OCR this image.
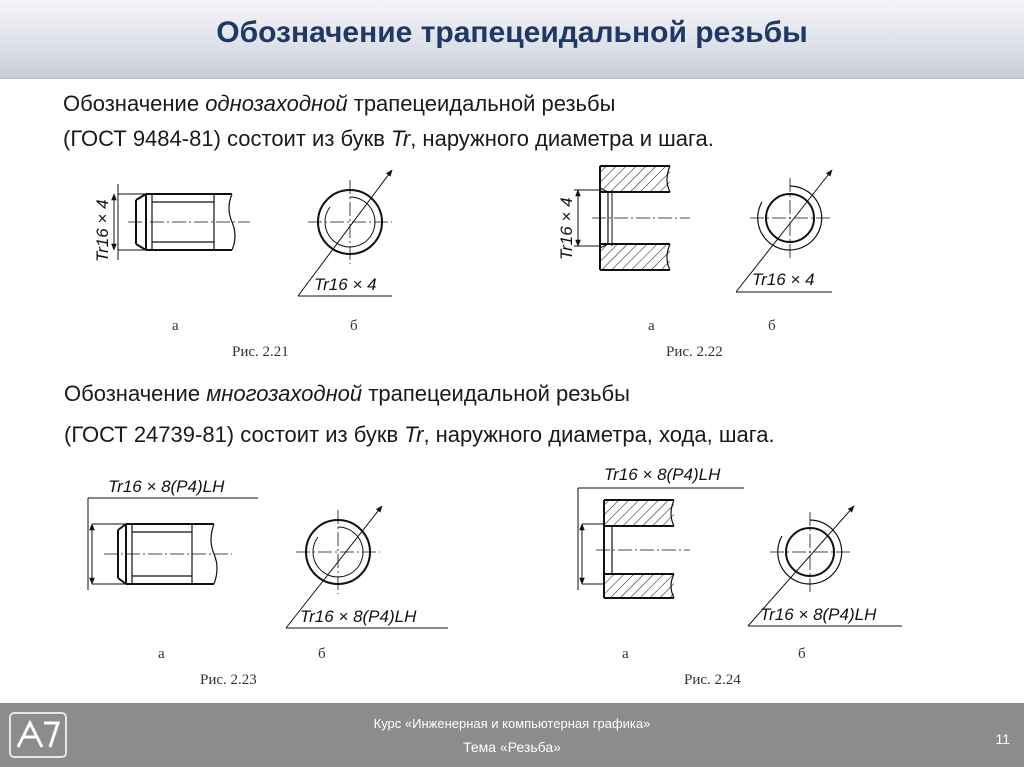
Обозначение трапецеидальной резьбы
Обозначение однозаходной трапецеидальной резьбы
(ГОСТ 9484-81) состоит из букв Tr, наружного диаметра и шага.
Обозначение многозаходной трапецеидальной резьбы
(ГОСТ 24739-81) состоит из букв Tr, наружного диаметра, хода, шага.
Tr16 × 4
Tr16 × 4
а	б
Рис. 2.21
Tr16 × 4
Tr16 × 4
а	б
Рис. 2.22
Tr16 × 8(P4)LH
Tr16 × 8(P4)LH
а	б
Рис. 2.23
Tr16 × 8(P4)LH
Tr16 × 8(P4)LH
а	б
Рис. 2.24
Курс «Инженерная и компьютерная графика»
Тема «Резьба»	11
